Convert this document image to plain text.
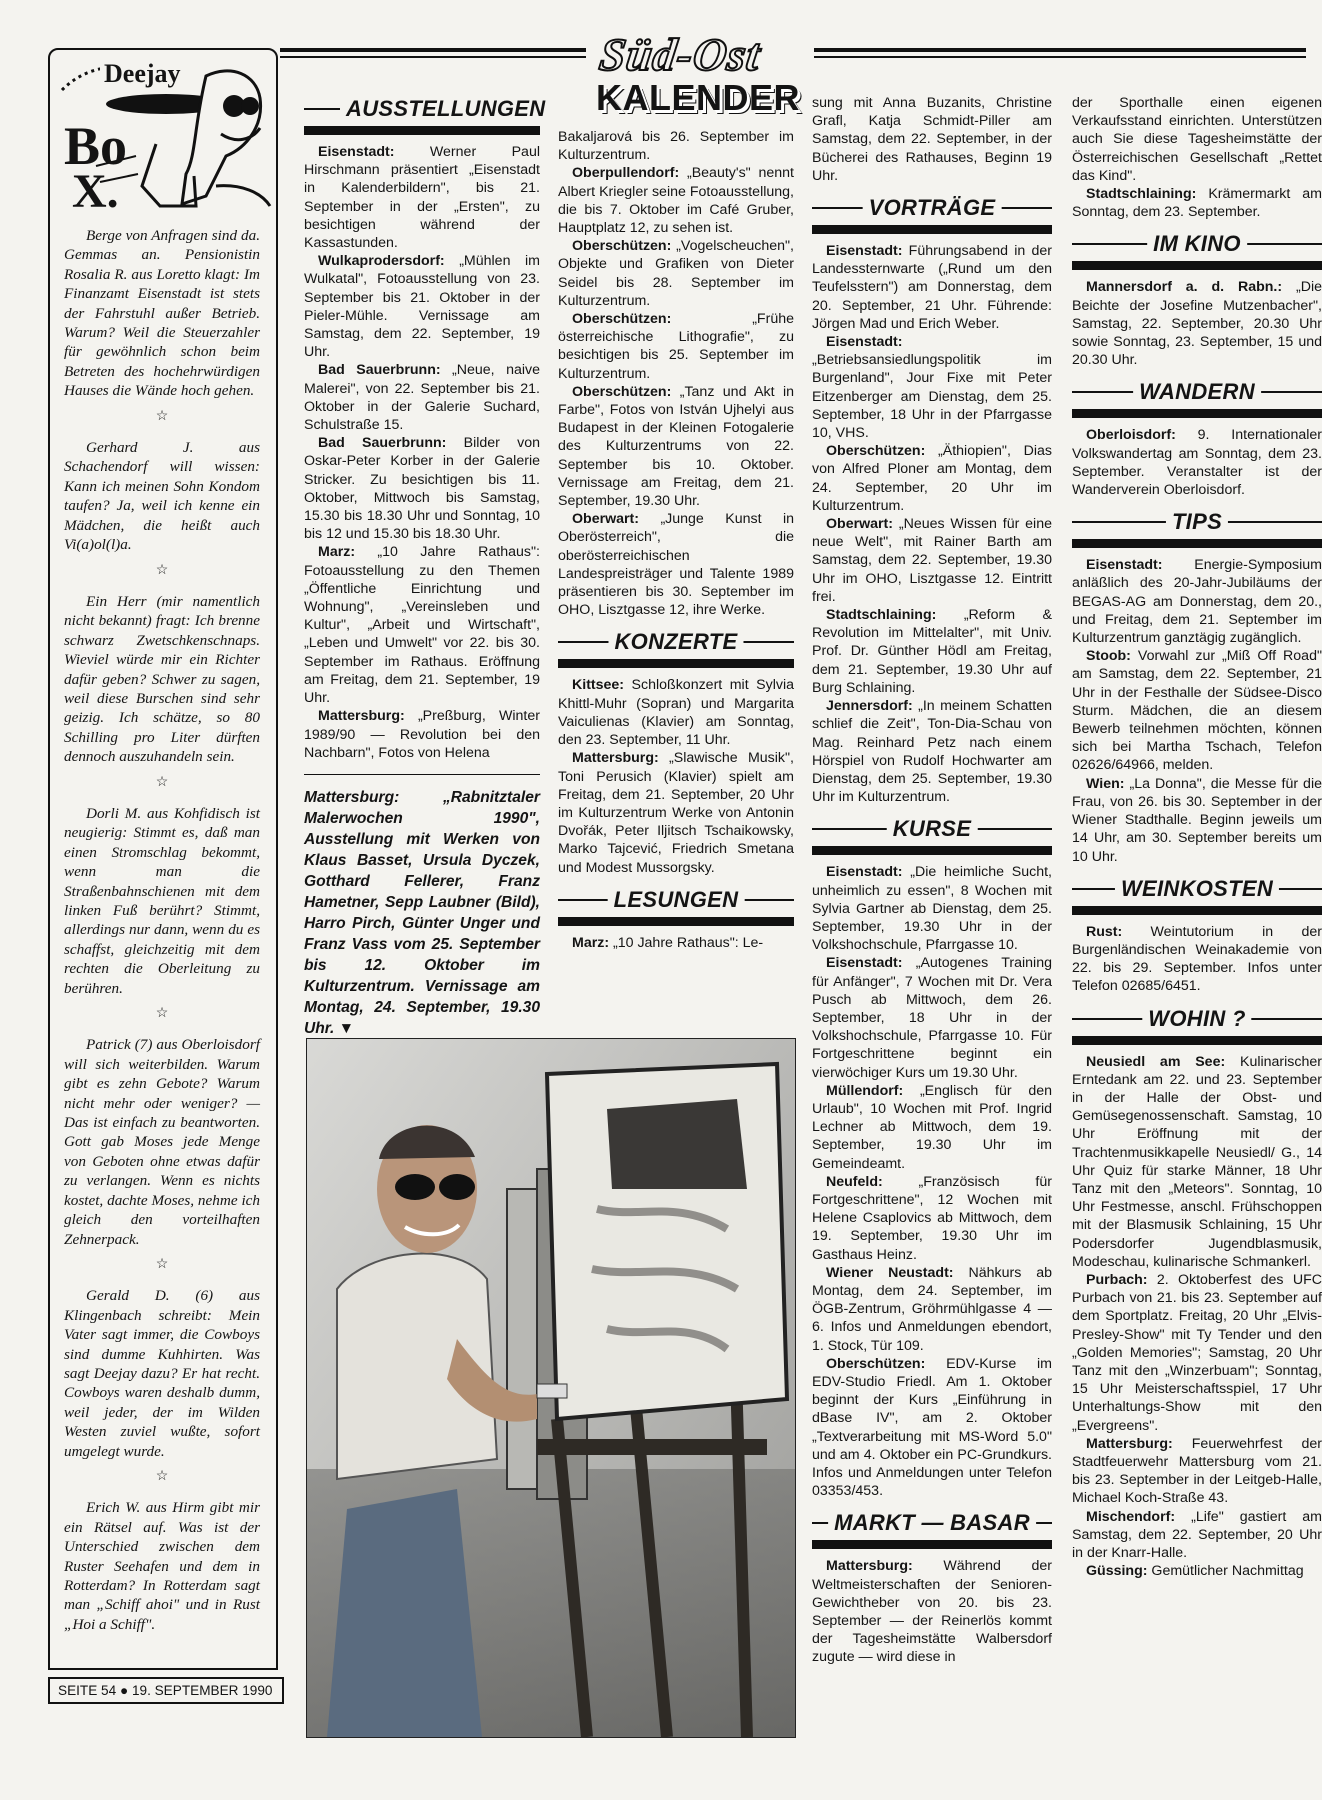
Süd-Ost
KALENDER
Deejay
Bo
X.

Berge von Anfragen sind da. Gemmas an. Pensionistin Rosalia R. aus Loretto klagt: Im Finanzamt Eisenstadt ist stets der Fahrstuhl außer Betrieb. Warum? Weil die Steuerzahler für gewöhnlich schon beim Betreten des hochehrwürdigen Hauses die Wände hoch gehen.

☆

Gerhard J. aus Schachendorf will wissen: Kann ich meinen Sohn Kondom taufen? Ja, weil ich kenne ein Mädchen, die heißt auch Vi(a)ol(l)a.

☆

Ein Herr (mir namentlich nicht bekannt) fragt: Ich brenne schwarz Zwetschkenschnaps. Wieviel würde mir ein Richter dafür geben? Schwer zu sagen, weil diese Burschen sind sehr geizig. Ich schätze, so 80 Schilling pro Liter dürften dennoch auszuhandeln sein.

☆

Dorli M. aus Kohfidisch ist neugierig: Stimmt es, daß man einen Stromschlag bekommt, wenn man die Straßenbahnschienen mit dem linken Fuß berührt? Stimmt, allerdings nur dann, wenn du es schaffst, gleichzeitig mit dem rechten die Oberleitung zu berühren.

☆

Patrick (7) aus Oberloisdorf will sich weiterbilden. Warum gibt es zehn Gebote? Warum nicht mehr oder weniger? — Das ist einfach zu beantworten. Gott gab Moses jede Menge von Geboten ohne etwas dafür zu verlangen. Wenn es nichts kostet, dachte Moses, nehme ich gleich den vorteilhaften Zehnerpack.

☆

Gerald D. (6) aus Klingenbach schreibt: Mein Vater sagt immer, die Cowboys sind dumme Kuhhirten. Was sagt Deejay dazu? Er hat recht. Cowboys waren deshalb dumm, weil jeder, der im Wilden Westen zuviel wußte, sofort umgelegt wurde.

☆

Erich W. aus Hirm gibt mir ein Rätsel auf. Was ist der Unterschied zwischen dem Ruster Seehafen und dem in Rotterdam? In Rotterdam sagt man „Schiff ahoi" und in Rust „Hoi a Schiff".

SEITE 54 ● 19. SEPTEMBER 1990
AUSSTELLUNGEN

Eisenstadt: Werner Paul Hirschmann präsentiert „Eisenstadt in Kalenderbildern", bis 21. September in der „Ersten", zu besichtigen während der Kassastunden.

Wulkaprodersdorf: „Mühlen im Wulkatal", Fotoausstellung von 23. September bis 21. Oktober in der Pieler-Mühle. Vernissage am Samstag, dem 22. September, 19 Uhr.

Bad Sauerbrunn: „Neue, naive Malerei", von 22. September bis 21. Oktober in der Galerie Suchard, Schulstraße 15.

Bad Sauerbrunn: Bilder von Oskar-Peter Korber in der Galerie Stricker. Zu besichtigen bis 11. Oktober, Mittwoch bis Samstag, 15.30 bis 18.30 Uhr und Sonntag, 10 bis 12 und 15.30 bis 18.30 Uhr.

Marz: „10 Jahre Rathaus": Fotoausstellung zu den Themen „Öffentliche Einrichtung und Wohnung", „Vereinsleben und Kultur", „Arbeit und Wirtschaft", „Leben und Umwelt" vor 22. bis 30. September im Rathaus. Eröffnung am Freitag, dem 21. September, 19 Uhr.

Mattersburg: „Preßburg, Winter 1989/90 — Revolution bei den Nachbarn", Fotos von Helena

Mattersburg: „Rabnitztaler Malerwochen 1990", Ausstellung mit Werken von Klaus Basset, Ursula Dyczek, Gotthard Fellerer, Franz Hametner, Sepp Laubner (Bild), Harro Pirch, Günter Unger und Franz Vass vom 25. September bis 12. Oktober im Kulturzentrum. Vernissage am Montag, 24. September, 19.30 Uhr. ▼

Bakaljarová bis 26. September im Kulturzentrum.

Oberpullendorf: „Beauty's" nennt Albert Kriegler seine Fotoausstellung, die bis 7. Oktober im Café Gruber, Hauptplatz 12, zu sehen ist.

Oberschützen: „Vogelscheuchen", Objekte und Grafiken von Dieter Seidel bis 28. September im Kulturzentrum.

Oberschützen: „Frühe österreichische Lithografie", zu besichtigen bis 25. September im Kulturzentrum.

Oberschützen: „Tanz und Akt in Farbe", Fotos von István Ujhelyi aus Budapest in der Kleinen Fotogalerie des Kulturzentrums von 22. September bis 10. Oktober. Vernissage am Freitag, dem 21. September, 19.30 Uhr.

Oberwart: „Junge Kunst in Oberösterreich", die oberösterreichischen Landespreisträger und Talente 1989 präsentieren bis 30. September im OHO, Lisztgasse 12, ihre Werke.

KONZERTE

Kittsee: Schloßkonzert mit Sylvia Khittl-Muhr (Sopran) und Margarita Vaiculienas (Klavier) am Sonntag, den 23. September, 11 Uhr.

Mattersburg: „Slawische Musik", Toni Perusich (Klavier) spielt am Freitag, dem 21. September, 20 Uhr im Kulturzentrum Werke von Antonin Dvořák, Peter Iljitsch Tschaikowsky, Marko Tajcević, Friedrich Smetana und Modest Mussorgsky.

LESUNGEN

Marz: „10 Jahre Rathaus": Le-

sung mit Anna Buzanits, Christine Grafl, Katja Schmidt-Piller am Samstag, dem 22. September, in der Bücherei des Rathauses, Beginn 19 Uhr.

VORTRÄGE

Eisenstadt: Führungsabend in der Landessternwarte („Rund um den Teufelsstern") am Donnerstag, dem 20. September, 21 Uhr. Führende: Jörgen Mad und Erich Weber.

Eisenstadt: „Betriebsansiedlungspolitik im Burgenland", Jour Fixe mit Peter Eitzenberger am Dienstag, dem 25. September, 18 Uhr in der Pfarrgasse 10, VHS.

Oberschützen: „Äthiopien", Dias von Alfred Ploner am Montag, dem 24. September, 20 Uhr im Kulturzentrum.

Oberwart: „Neues Wissen für eine neue Welt", mit Rainer Barth am Samstag, dem 22. September, 19.30 Uhr im OHO, Lisztgasse 12. Eintritt frei.

Stadtschlaining: „Reform & Revolution im Mittelalter", mit Univ. Prof. Dr. Günther Hödl am Freitag, dem 21. September, 19.30 Uhr auf Burg Schlaining.

Jennersdorf: „In meinem Schatten schlief die Zeit", Ton-Dia-Schau von Mag. Reinhard Petz nach einem Hörspiel von Rudolf Hochwarter am Dienstag, dem 25. September, 19.30 Uhr im Kulturzentrum.

KURSE

Eisenstadt: „Die heimliche Sucht, unheimlich zu essen", 8 Wochen mit Sylvia Gartner ab Dienstag, dem 25. September, 19.30 Uhr in der Volkshochschule, Pfarrgasse 10.

Eisenstadt: „Autogenes Training für Anfänger", 7 Wochen mit Dr. Vera Pusch ab Mittwoch, dem 26. September, 18 Uhr in der Volkshochschule, Pfarrgasse 10. Für Fortgeschrittene beginnt ein vierwöchiger Kurs um 19.30 Uhr.

Müllendorf: „Englisch für den Urlaub", 10 Wochen mit Prof. Ingrid Lechner ab Mittwoch, dem 19. September, 19.30 Uhr im Gemeindeamt.

Neufeld: „Französisch für Fortgeschrittene", 12 Wochen mit Helene Csaplovics ab Mittwoch, dem 19. September, 19.30 Uhr im Gasthaus Heinz.

Wiener Neustadt: Nähkurs ab Montag, dem 24. September, im ÖGB-Zentrum, Gröhrmühlgasse 4 — 6. Infos und Anmeldungen ebendort, 1. Stock, Tür 109.

Oberschützen: EDV-Kurse im EDV-Studio Friedl. Am 1. Oktober beginnt der Kurs „Einführung in dBase IV", am 2. Oktober „Textverarbeitung mit MS-Word 5.0" und am 4. Oktober ein PC-Grundkurs. Infos und Anmeldungen unter Telefon 03353/453.

MARKT — BASAR

Mattersburg: Während der Weltmeisterschaften der Senioren-Gewichtheber von 20. bis 23. September — der Reinerlös kommt der Tagesheimstätte Walbersdorf zugute — wird diese in

der Sporthalle einen eigenen Verkaufsstand einrichten. Unterstützen auch Sie diese Tagesheimstätte der Österreichischen Gesellschaft „Rettet das Kind".

Stadtschlaining: Krämermarkt am Sonntag, dem 23. September.

IM KINO

Mannersdorf a. d. Rabn.: „Die Beichte der Josefine Mutzenbacher", Samstag, 22. September, 20.30 Uhr sowie Sonntag, 23. September, 15 und 20.30 Uhr.

WANDERN

Oberloisdorf: 9. Internationaler Volkswandertag am Sonntag, dem 23. September. Veranstalter ist der Wanderverein Oberloisdorf.

TIPS

Eisenstadt: Energie-Symposium anläßlich des 20-Jahr-Jubiläums der BEGAS-AG am Donnerstag, dem 20., und Freitag, dem 21. September im Kulturzentrum ganztägig zugänglich.

Stoob: Vorwahl zur „Miß Off Road" am Samstag, dem 22. September, 21 Uhr in der Festhalle der Südsee-Disco Sturm. Mädchen, die an diesem Bewerb teilnehmen möchten, können sich bei Martha Tschach, Telefon 02626/64966, melden.

Wien: „La Donna", die Messe für die Frau, von 26. bis 30. September in der Wiener Stadthalle. Beginn jeweils um 14 Uhr, am 30. September bereits um 10 Uhr.

WEINKOSTEN

Rust: Weintutorium in der Burgenländischen Weinakademie von 22. bis 29. September. Infos unter Telefon 02685/6451.

WOHIN ?

Neusiedl am See: Kulinarischer Erntedank am 22. und 23. September in der Halle der Obst- und Gemüsegenossenschaft. Samstag, 10 Uhr Eröffnung mit der Trachtenmusikkapelle Neusiedl/ G., 14 Uhr Quiz für starke Männer, 18 Uhr Tanz mit den „Meteors". Sonntag, 10 Uhr Festmesse, anschl. Frühschoppen mit der Blasmusik Schlaining, 15 Uhr Podersdorfer Jugendblasmusik, Modeschau, kulinarische Schmankerl.

Purbach: 2. Oktoberfest des UFC Purbach von 21. bis 23. September auf dem Sportplatz. Freitag, 20 Uhr „Elvis-Presley-Show" mit Ty Tender und den „Golden Memories"; Samstag, 20 Uhr Tanz mit den „Winzerbuam"; Sonntag, 15 Uhr Meisterschaftsspiel, 17 Uhr Unterhaltungs-Show mit den „Evergreens".

Mattersburg: Feuerwehrfest der Stadtfeuerwehr Mattersburg vom 21. bis 23. September in der Leitgeb-Halle, Michael Koch-Straße 43.

Mischendorf: „Life" gastiert am Samstag, dem 22. September, 20 Uhr in der Knarr-Halle.

Güssing: Gemütlicher Nachmittag
